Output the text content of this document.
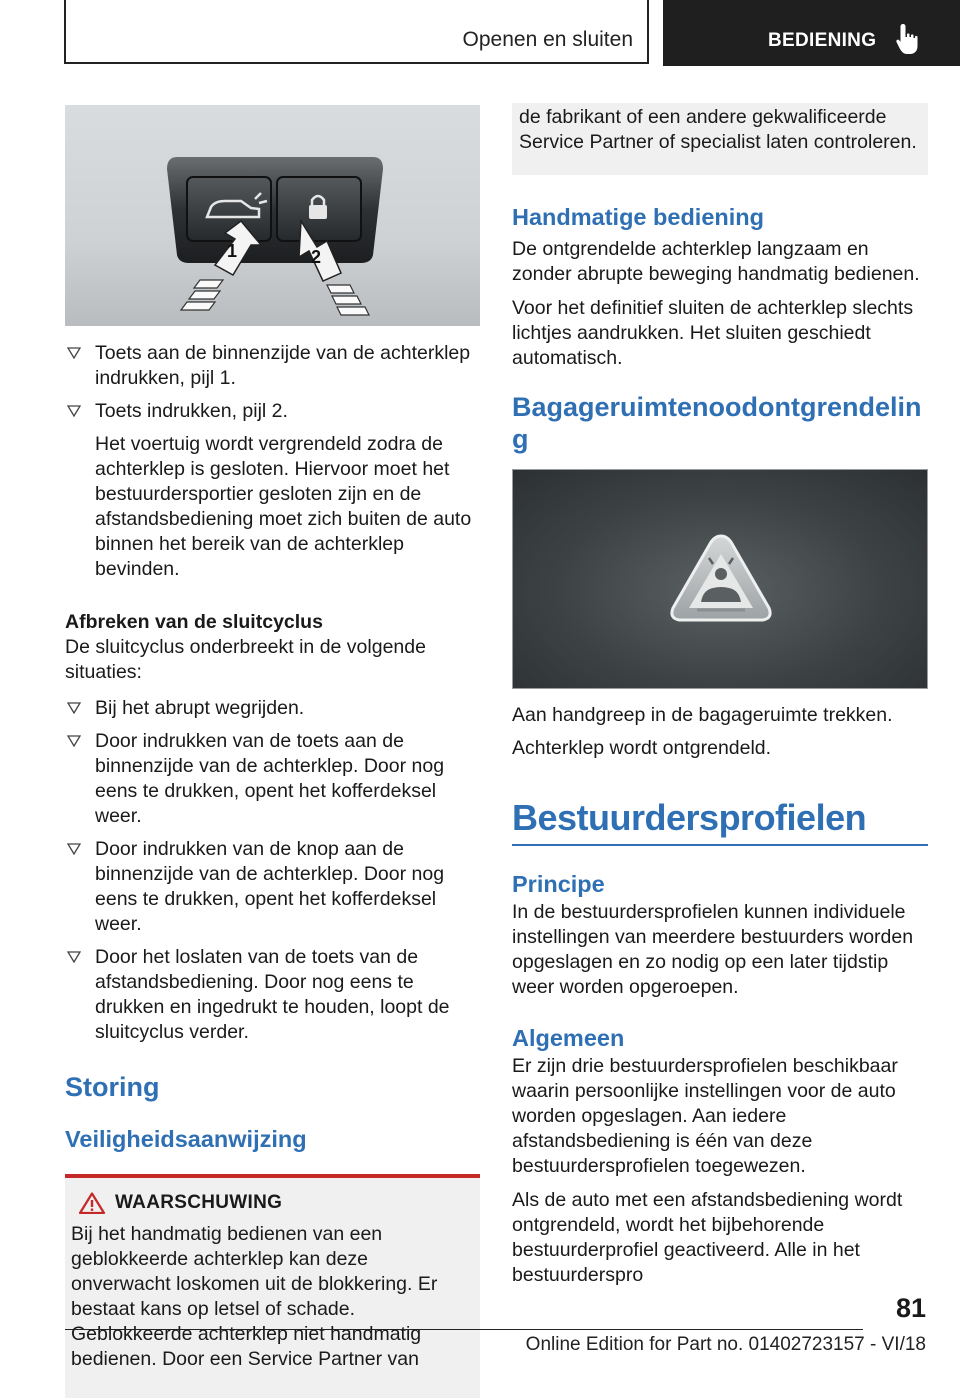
Openen en sluiten	BEDIENING
1	2
Toets aan de binnenzijde van de achterklep indrukken, pijl 1.
Toets indrukken, pijl 2.
Het voertuig wordt vergrendeld zodra de achterklep is gesloten. Hiervoor moet het bestuurdersportier gesloten zijn en de afstandsbediening moet zich buiten de auto binnen het bereik van de achterklep bevinden.

Afbreken van de sluitcyclus

De sluitcyclus onderbreekt in de volgende situaties:

Bij het abrupt wegrijden.
Door indrukken van de toets aan de binnenzijde van de achterklep. Door nog eens te drukken, opent het kofferdeksel weer.
Door indrukken van de knop aan de binnenzijde van de achterklep. Door nog eens te drukken, opent het kofferdeksel weer.
Door het loslaten van de toets van de afstandsbediening. Door nog eens te drukken en ingedrukt te houden, loopt de sluitcyclus verder.

Storing

Veiligheidsaanwijzing

WAARSCHUWING

Bij het handmatig bedienen van een geblokkeerde achterklep kan deze onverwacht loskomen uit de blokkering. Er bestaat kans op letsel of schade. Geblokkeerde achterklep niet handmatig bedienen. Door een Service Partner van

de fabrikant of een andere gekwalificeerde Service Partner of specialist laten controleren.

Handmatige bediening

De ontgrendelde achterklep langzaam en zonder abrupte beweging handmatig bedienen.

Voor het definitief sluiten de achterklep slechts lichtjes aandrukken. Het sluiten geschiedt automatisch.

Bagageruimtenoodontgrendelin
g

Aan handgreep in de bagageruimte trekken.

Achterklep wordt ontgrendeld.

Bestuurdersprofielen

Principe

In de bestuurdersprofielen kunnen individuele instellingen van meerdere bestuurders worden opgeslagen en zo nodig op een later tijdstip weer worden opgeroepen.

Algemeen

Er zijn drie bestuurdersprofielen beschikbaar waarin persoonlijke instellingen voor de auto worden opgeslagen. Aan iedere afstandsbediening is één van deze bestuurdersprofielen toegewezen.

Als de auto met een afstandsbediening wordt ontgrendeld, wordt het bijbehorende bestuurderprofiel geactiveerd. Alle in het bestuurderspro

81
Online Edition for Part no. 01402723157 - VI/18
